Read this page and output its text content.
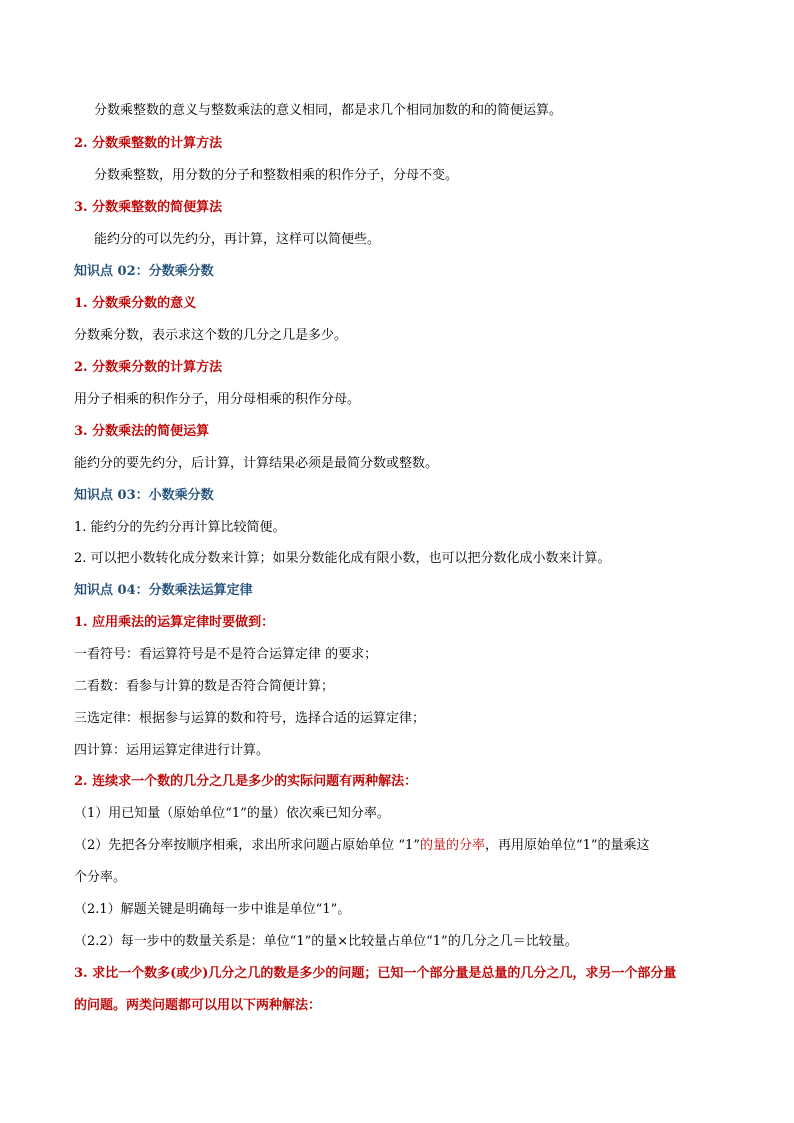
分数乘整数的意义与整数乘法的意义相同，都是求几个相同加数的和的简便运算。
2. 分数乘整数的计算方法
分数乘整数，用分数的分子和整数相乘的积作分子，分母不变。
3. 分数乘整数的简便算法
能约分的可以先约分，再计算，这样可以简便些。
知识点 02：分数乘分数
1. 分数乘分数的意义
分数乘分数，表示求这个数的几分之几是多少。
2. 分数乘分数的计算方法
用分子相乘的积作分子，用分母相乘的积作分母。
3. 分数乘法的简便运算
能约分的要先约分，后计算，计算结果必须是最简分数或整数。
知识点 03：小数乘分数
1. 能约分的先约分再计算比较简便。
2. 可以把小数转化成分数来计算；如果分数能化成有限小数，也可以把分数化成小数来计算。
知识点 04：分数乘法运算定律
1. 应用乘法的运算定律时要做到：
一看符号：看运算符号是不是符合运算定律 的要求；
二看数：看参与计算的数是否符合简便计算；
三选定律：根据参与运算的数和符号，选择合适的运算定律；
四计算：运用运算定律进行计算。
2. 连续求一个数的几分之几是多少的实际问题有两种解法：
（1）用已知量（原始单位“1”的量）依次乘已知分率。
（2）先把各分率按顺序相乘，求出所求问题占原始单位 “1”的量的分率，再用原始单位“1”的量乘这
个分率。
（2.1）解题关键是明确每一步中谁是单位“1”。
（2.2）每一步中的数量关系是：单位“1”的量×比较量占单位“1”的几分之几＝比较量。
3. 求比一个数多(或少)几分之几的数是多少的问题；已知一个部分量是总量的几分之几，求另一个部分量
的问题。两类问题都可以用以下两种解法：
